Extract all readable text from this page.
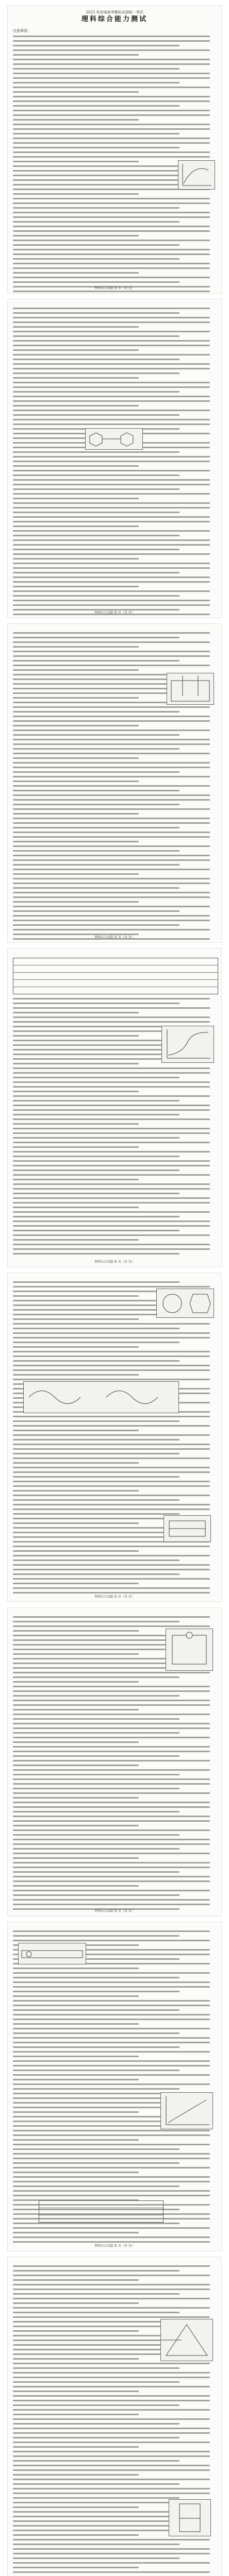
2022 年济南高考模拟全国统一考试
理科综合能力测试
注意事项：
理科综合试题 第 页（共 页）
理科综合试题 第 页（共 页）
理科综合试题 第 页（共 页）
理科综合试题 第 页（共 页）
理科综合试题 第 页（共 页）
理科综合试题 第 页（共 页）
理科综合试题 第 页（共 页）
